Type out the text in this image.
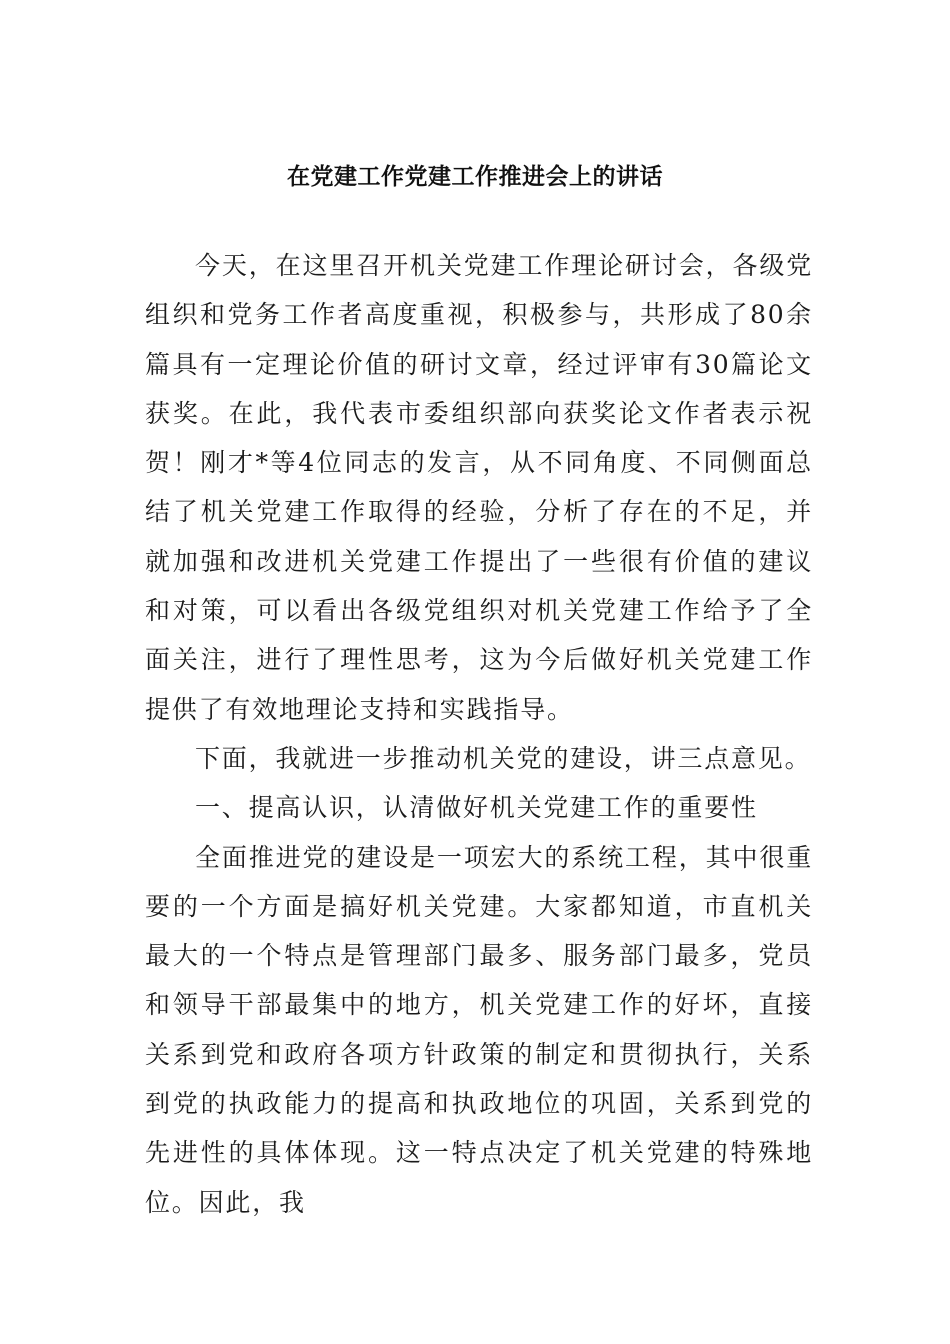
在党建工作党建工作推进会上的讲话

今天，在这里召开机关党建工作理论研讨会，各级党组织和党务工作者高度重视，积极参与，共形成了80余篇具有一定理论价值的研讨文章，经过评审有30篇论文获奖。在此，我代表市委组织部向获奖论文作者表示祝贺！刚才*等4位同志的发言，从不同角度、不同侧面总结了机关党建工作取得的经验，分析了存在的不足，并就加强和改进机关党建工作提出了一些很有价值的建议和对策，可以看出各级党组织对机关党建工作给予了全面关注，进行了理性思考，这为今后做好机关党建工作提供了有效地理论支持和实践指导。

下面，我就进一步推动机关党的建设，讲三点意见。

一、提高认识，认清做好机关党建工作的重要性

全面推进党的建设是一项宏大的系统工程，其中很重要的一个方面是搞好机关党建。大家都知道，市直机关最大的一个特点是管理部门最多、服务部门最多，党员和领导干部最集中的地方，机关党建工作的好坏，直接关系到党和政府各项方针政策的制定和贯彻执行，关系到党的执政能力的提高和执政地位的巩固，关系到党的先进性的具体体现。这一特点决定了机关党建的特殊地位。因此，我
